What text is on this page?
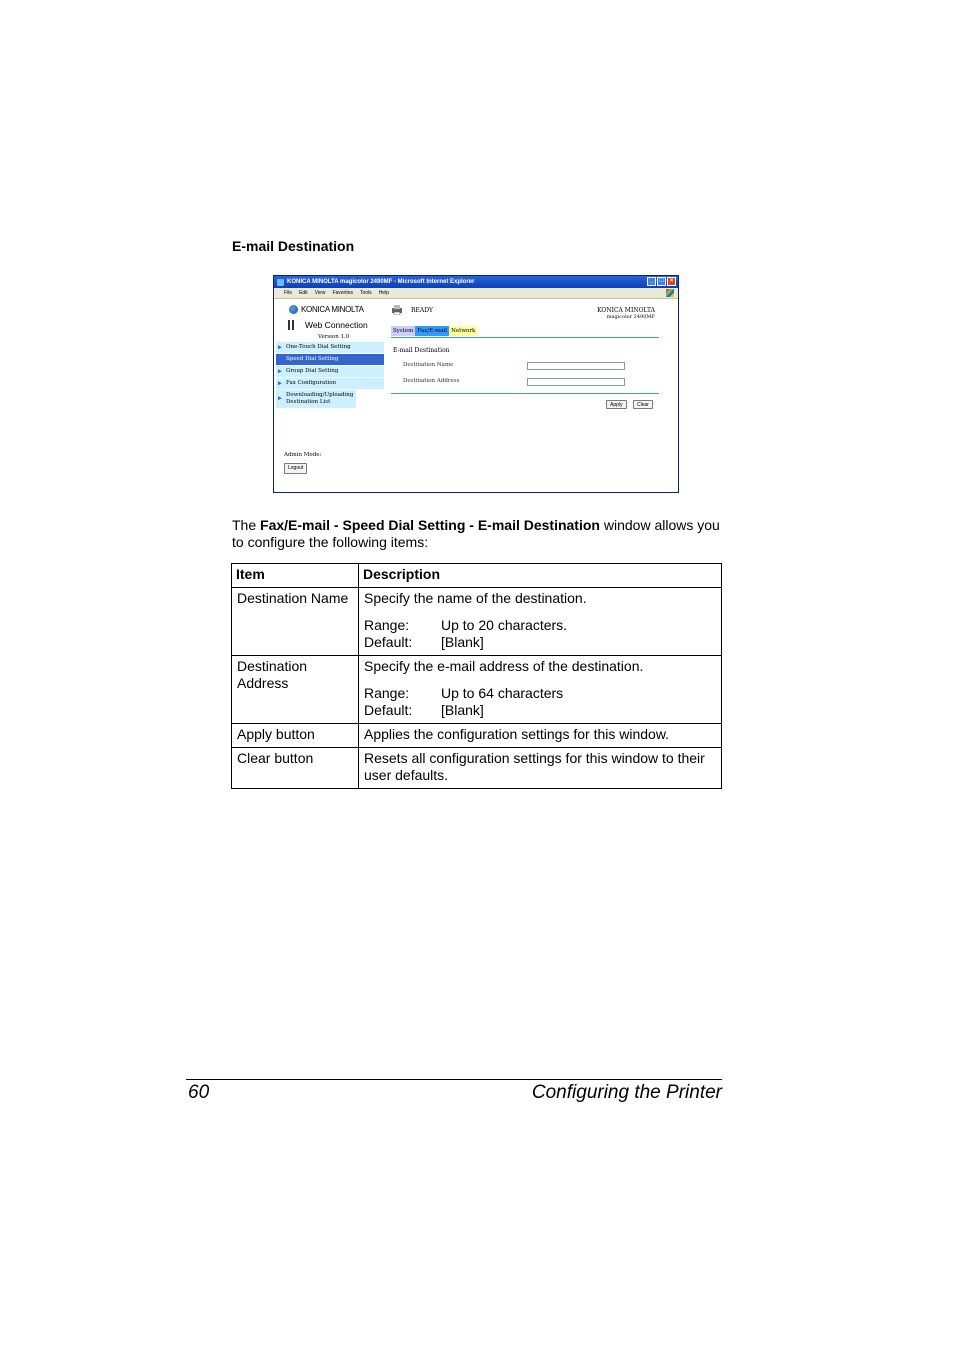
E-mail Destination
KONICA MINOLTA magicolor 2490MF - Microsoft Internet Explorer	_	□	×
File Edit View Favorites Tools Help
KONICA MINOLTA
Web Connection
Version 1.0
▶ One-Touch Dial Setting
Speed Dial Setting
▶ Group Dial Setting
▶ Fax Configuration
▶
Downloading/Uploading Destination List
Admin Mode:
Logout
READY	KONICA MINOLTA
magicolor 2490MF
System Fax/E-mail Network
E-mail Destination
Destination Name
Destination Address
Apply	Clear

The Fax/E-mail - Speed Dial Setting - E-mail Destination window allows you to configure the following items:

Item	Description
Destination Name	Specify the name of the destination.
Range: Up to 20 characters.
Default: [Blank]

Destination Address	Specify the e-mail address of the destination.
Range: Up to 64 characters
Default: [Blank]

Apply button	Applies the configuration settings for this window.
Clear button	Resets all configuration settings for this window to their user defaults.
60	Configuring the Printer
